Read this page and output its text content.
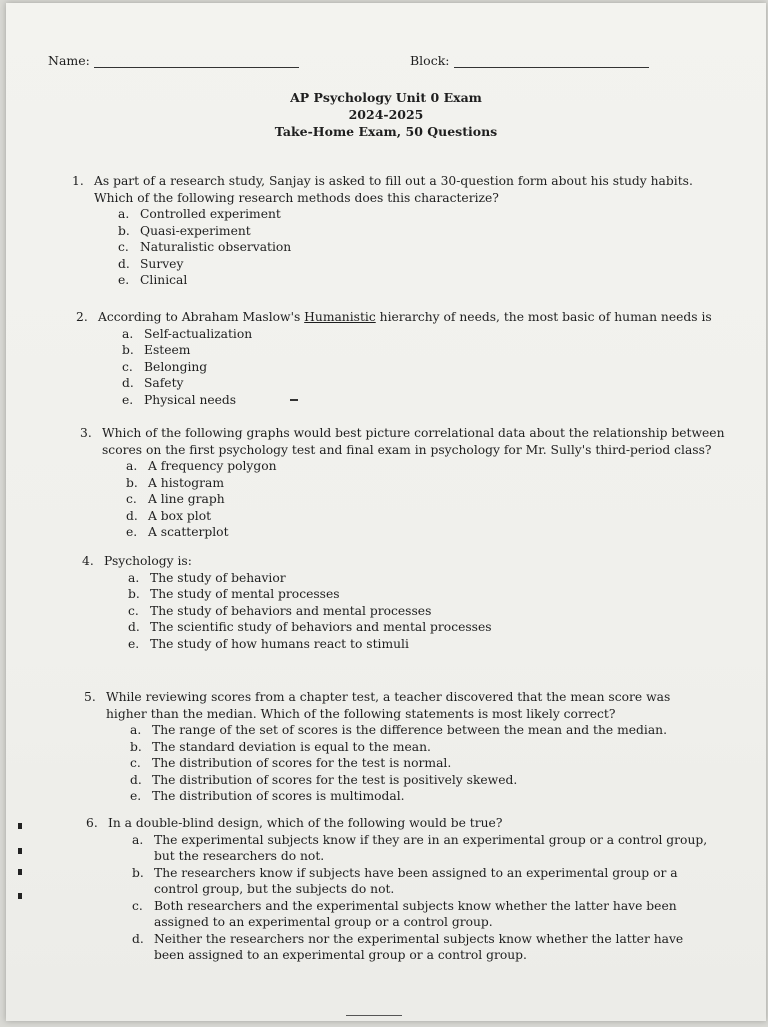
Name:	Block:
AP Psychology Unit 0 Exam
2024-2025
Take-Home Exam, 50 Questions
1. As part of a research study, Sanjay is asked to fill out a 30-question form about his study habits. Which of the following research methods does this characterize?
a. Controlled experiment
b. Quasi-experiment
c. Naturalistic observation
d. Survey
e. Clinical
2. According to Abraham Maslow's Humanistic hierarchy of needs, the most basic of human needs is
a. Self-actualization
b. Esteem
c. Belonging
d. Safety
e. Physical needs
3. Which of the following graphs would best picture correlational data about the relationship between scores on the first psychology test and final exam in psychology for Mr. Sully's third-period class?
a. A frequency polygon
b. A histogram
c. A line graph
d. A box plot
e. A scatterplot
4. Psychology is:
a. The study of behavior
b. The study of mental processes
c. The study of behaviors and mental processes
d. The scientific study of behaviors and mental processes
e. The study of how humans react to stimuli
5. While reviewing scores from a chapter test, a teacher discovered that the mean score was higher than the median. Which of the following statements is most likely correct?
a. The range of the set of scores is the difference between the mean and the median.
b. The standard deviation is equal to the mean.
c. The distribution of scores for the test is normal.
d. The distribution of scores for the test is positively skewed.
e. The distribution of scores is multimodal.
6. In a double-blind design, which of the following would be true?
a. The experimental subjects know if they are in an experimental group or a control group, but the researchers do not.
b. The researchers know if subjects have been assigned to an experimental group or a control group, but the subjects do not.
c. Both researchers and the experimental subjects know whether the latter have been assigned to an experimental group or a control group.
d. Neither the researchers nor the experimental subjects know whether the latter have been assigned to an experimental group or a control group.
